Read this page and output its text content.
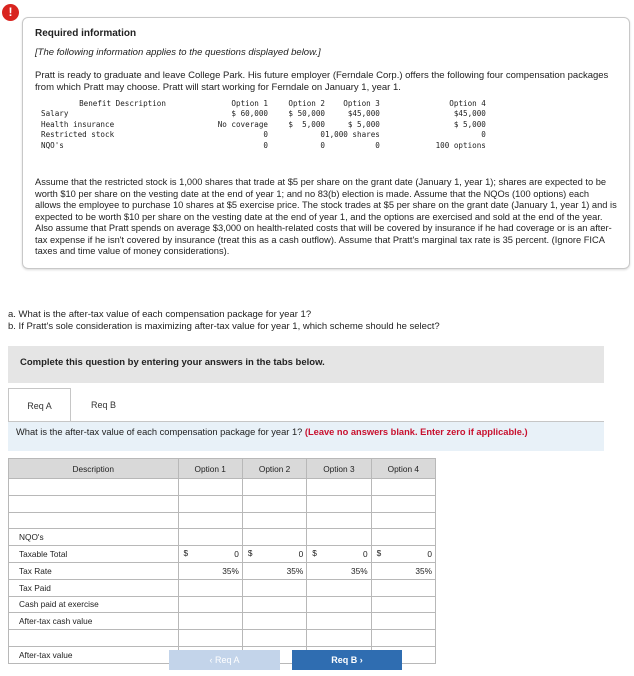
!
Required information
[The following information applies to the questions displayed below.]
Pratt is ready to graduate and leave College Park. His future employer (Ferndale Corp.) offers the following four compensation packages from which Pratt may choose. Pratt will start working for Ferndale on January 1, year 1.
Benefit Description	Option 1	Option 2	Option 3	Option 4
Salary	$ 60,000	$ 50,000	$45,000	$45,000
Health insurance	No coverage	$  5,000	$ 5,000	$ 5,000
Restricted stock	0	0	1,000 shares	0
NQO's	0	0	0	100 options
Assume that the restricted stock is 1,000 shares that trade at $5 per share on the grant date (January 1, year 1); shares are expected to be worth $10 per share on the vesting date at the end of year 1; and no 83(b) election is made. Assume that the NQOs (100 options) each allows the employee to purchase 10 shares at $5 exercise price. The stock trades at $5 per share on the grant date (January 1, year 1) and is expected to be worth $10 per share on the vesting date at the end of year 1, and the options are exercised and sold at the end of the year. Also assume that Pratt spends on average $3,000 on health-related costs that will be covered by insurance if he had coverage or is an after-tax expense if he isn't covered by insurance (treat this as a cash outflow). Assume that Pratt's marginal tax rate is 35 percent. (Ignore FICA taxes and time value of money considerations).
a. What is the after-tax value of each compensation package for year 1?
b. If Pratt's sole consideration is maximizing after-tax value for year 1, which scheme should he select?
Complete this question by entering your answers in the tabs below.
Req A	Req B
What is the after-tax value of each compensation package for year 1? (Leave no answers blank. Enter zero if applicable.)
Description	Option 1	Option 2	Option 3	Option 4

NQO's				
Taxable Total	$ 0	$ 0	$ 0	$ 0
Tax Rate	35%	35%	35%	35%
Tax Paid				
Cash paid at exercise				
After-tax cash value				

After-tax value				
‹ Req A	Req B ›
